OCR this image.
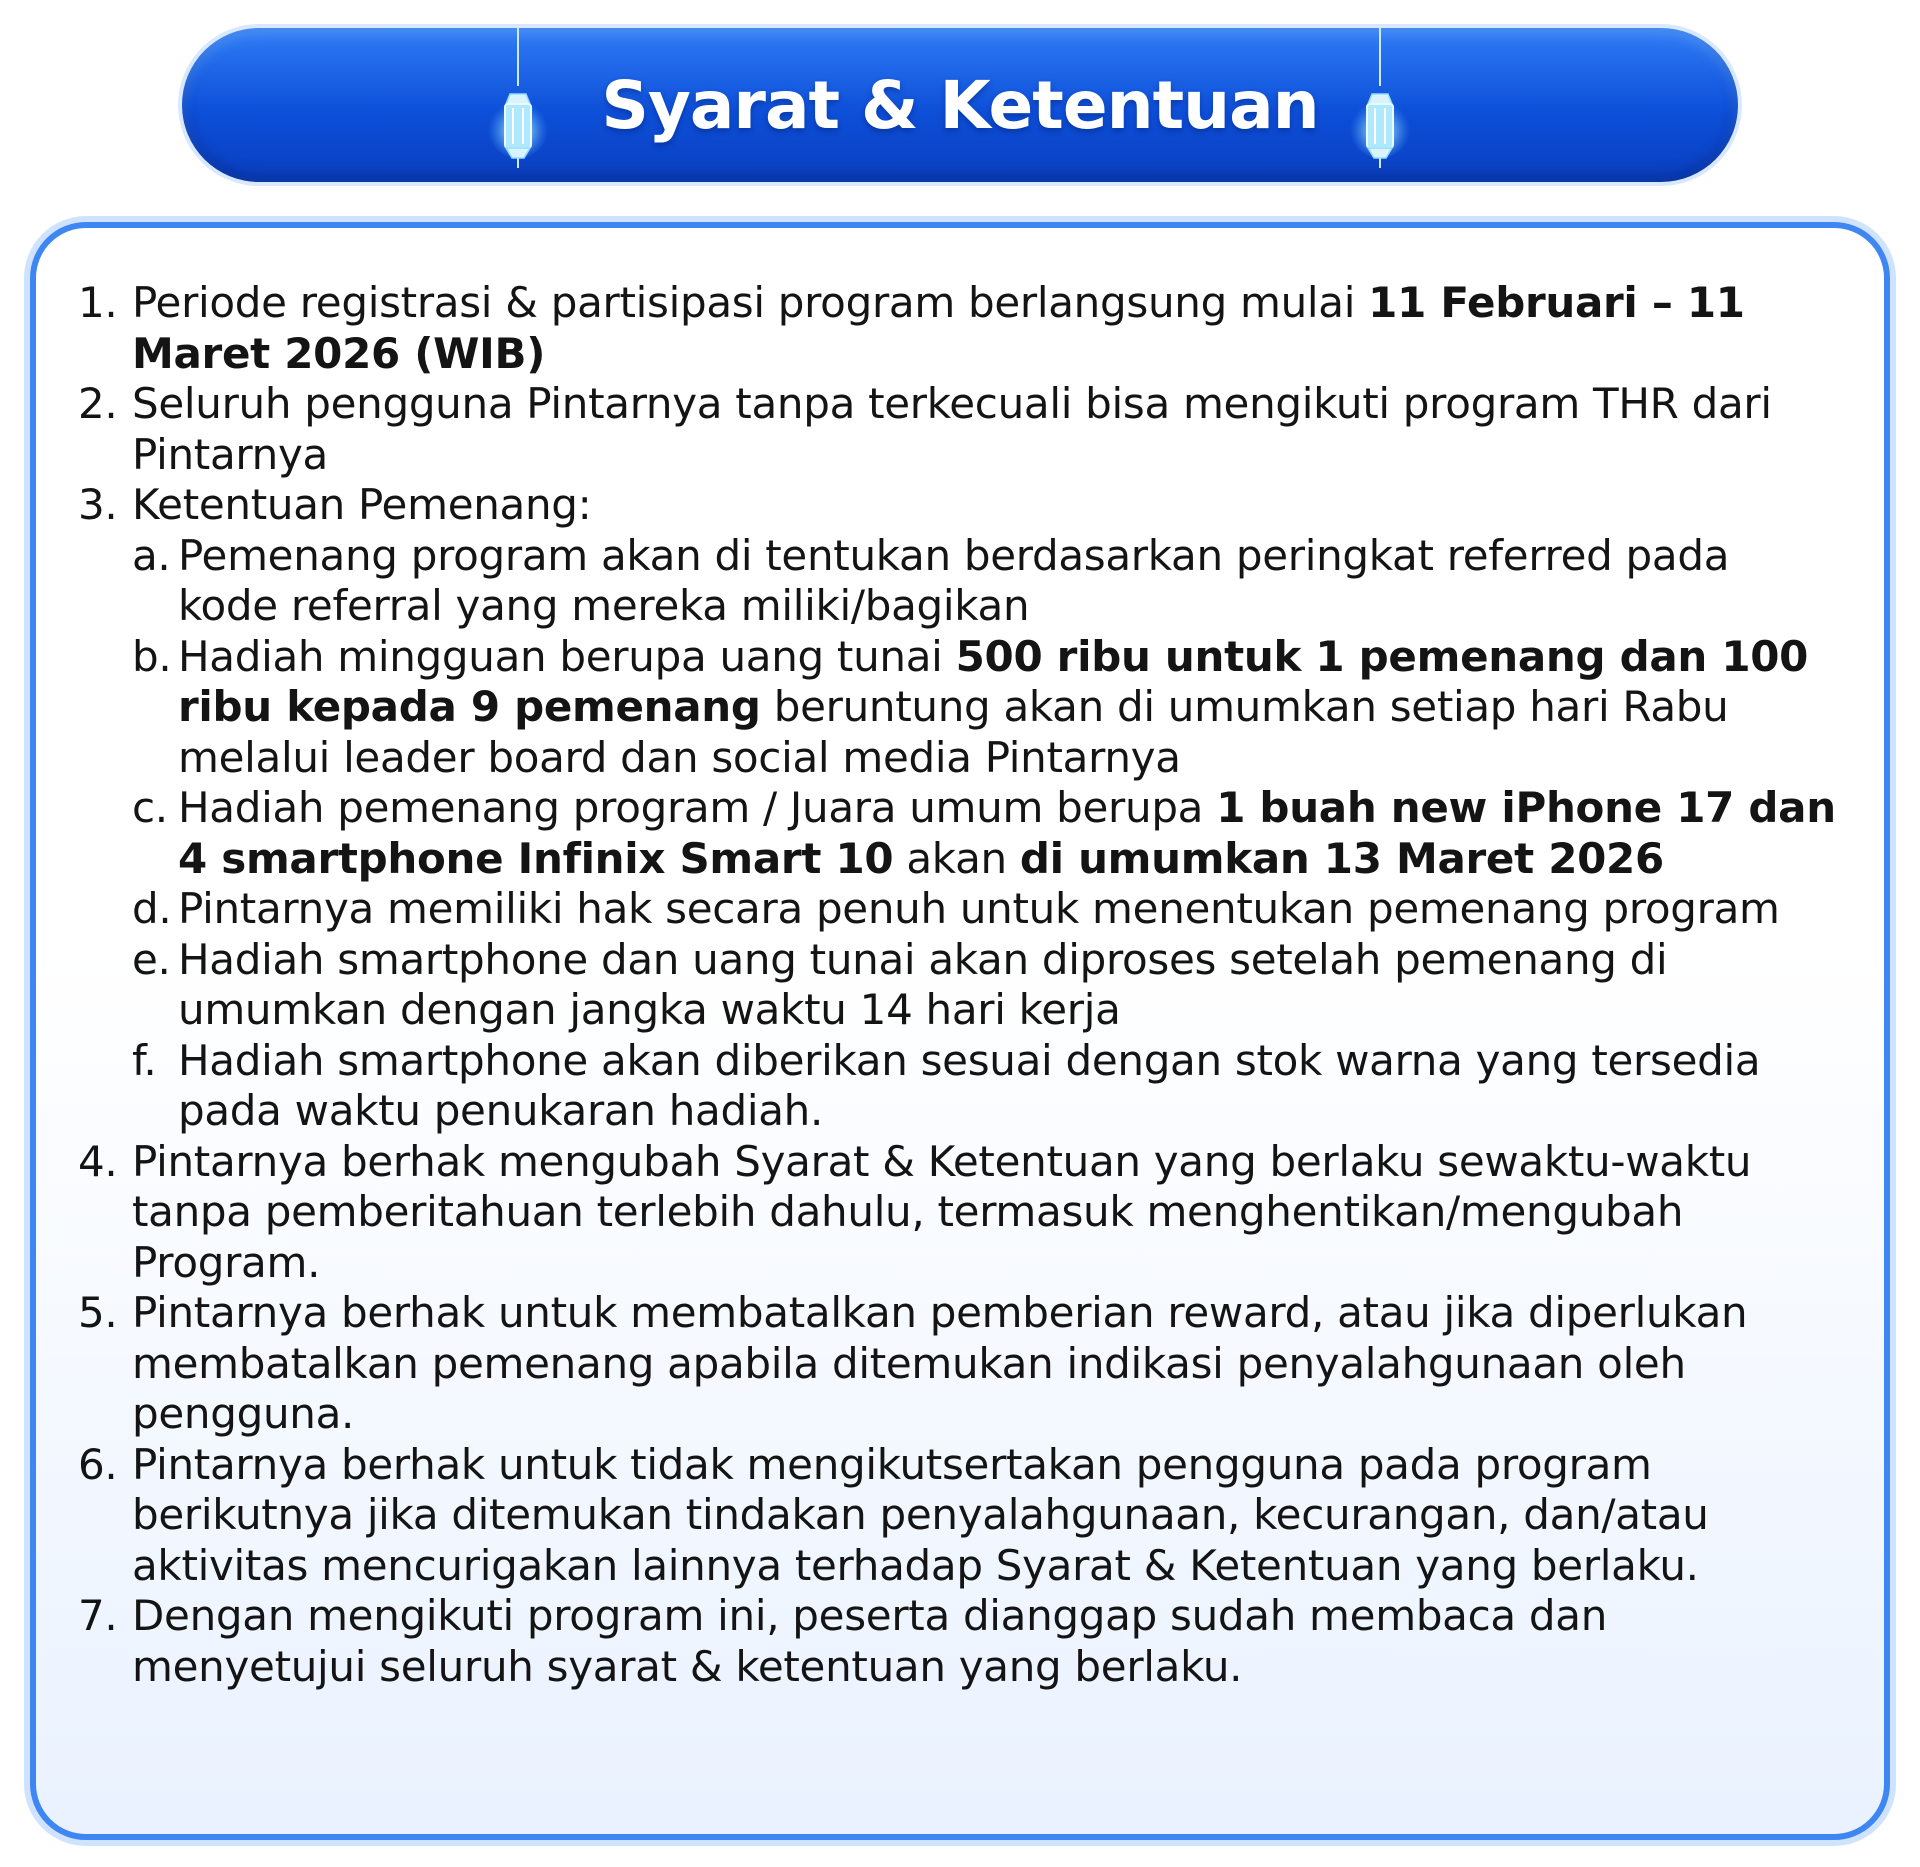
Syarat & Ketentuan
1. Periode registrasi & partisipasi program berlangsung mulai 11 Februari – 11 Maret 2026 (WIB)
2. Seluruh pengguna Pintarnya tanpa terkecuali bisa mengikuti program THR dari Pintarnya
3. Ketentuan Pemenang:
a. Pemenang program akan di tentukan berdasarkan peringkat referred pada kode referral yang mereka miliki/bagikan
b. Hadiah mingguan berupa uang tunai 500 ribu untuk 1 pemenang dan 100 ribu kepada 9 pemenang beruntung akan di umumkan setiap hari Rabu melalui leader board dan social media Pintarnya
c. Hadiah pemenang program / Juara umum berupa 1 buah new iPhone 17 dan 4 smartphone Infinix Smart 10 akan di umumkan 13 Maret 2026
d. Pintarnya memiliki hak secara penuh untuk menentukan pemenang program
e. Hadiah smartphone dan uang tunai akan diproses setelah pemenang di umumkan dengan jangka waktu 14 hari kerja
f. Hadiah smartphone akan diberikan sesuai dengan stok warna yang tersedia pada waktu penukaran hadiah.
4. Pintarnya berhak mengubah Syarat & Ketentuan yang berlaku sewaktu-waktu tanpa pemberitahuan terlebih dahulu, termasuk menghentikan/mengubah Program.
5. Pintarnya berhak untuk membatalkan pemberian reward, atau jika diperlukan membatalkan pemenang apabila ditemukan indikasi penyalahgunaan oleh pengguna.
6. Pintarnya berhak untuk tidak mengikutsertakan pengguna pada program berikutnya jika ditemukan tindakan penyalahgunaan, kecurangan, dan/atau aktivitas mencurigakan lainnya terhadap Syarat & Ketentuan yang berlaku.
7. Dengan mengikuti program ini, peserta dianggap sudah membaca dan menyetujui seluruh syarat & ketentuan yang berlaku.
